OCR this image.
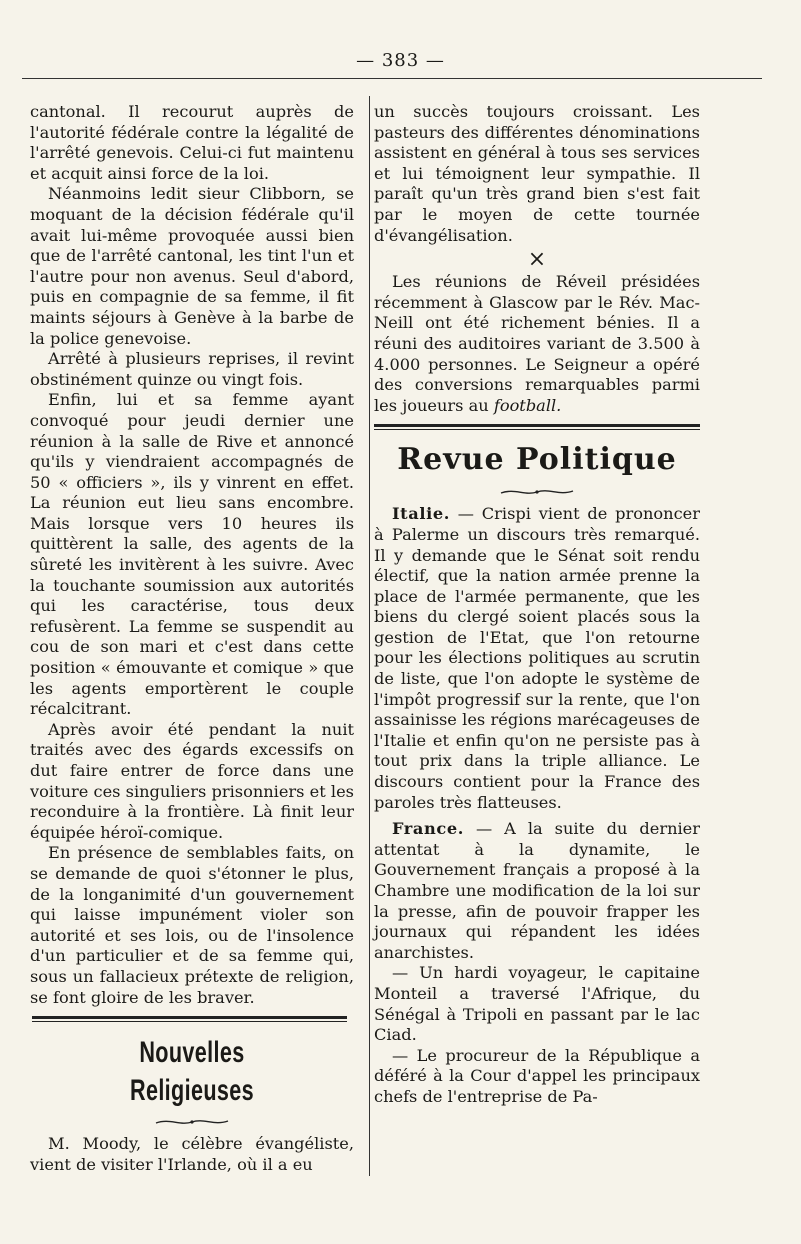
— 383 —

cantonal. Il recourut auprès de l'autorité fédérale contre la légalité de l'arrêté genevois. Celui-ci fut maintenu et acquit ainsi force de la loi.

Néanmoins ledit sieur Clibborn, se moquant de la décision fédérale qu'il avait lui-même provoquée aussi bien que de l'arrêté cantonal, les tint l'un et l'autre pour non avenus. Seul d'abord, puis en compagnie de sa femme, il fit maints séjours à Genève à la barbe de la police genevoise.

Arrêté à plusieurs reprises, il revint obstinément quinze ou vingt fois.

Enfin, lui et sa femme ayant convoqué pour jeudi dernier une réunion à la salle de Rive et annoncé qu'ils y viendraient accompagnés de 50 « officiers », ils y vinrent en effet. La réunion eut lieu sans encombre. Mais lorsque vers 10 heures ils quittèrent la salle, des agents de la sûreté les invitèrent à les suivre. Avec la touchante soumission aux autorités qui les caractérise, tous deux refusèrent. La femme se suspendit au cou de son mari et c'est dans cette position « émouvante et comique » que les agents emportèrent le couple récalcitrant.

Après avoir été pendant la nuit traités avec des égards excessifs on dut faire entrer de force dans une voiture ces singuliers prisonniers et les reconduire à la frontière. Là finit leur équipée héroï-comique.

En présence de semblables faits, on se demande de quoi s'étonner le plus, de la longanimité d'un gouvernement qui laisse impunément violer son autorité et ses lois, ou de l'insolence d'un particulier et de sa femme qui, sous un fallacieux prétexte de religion, se font gloire de les braver.

Nouvelles Religieuses

M. Moody, le célèbre évangéliste, vient de visiter l'Irlande, où il a eu

un succès toujours croissant. Les pasteurs des différentes dénominations assistent en général à tous ses services et lui témoignent leur sympathie. Il paraît qu'un très grand bien s'est fait par le moyen de cette tournée d'évangélisation.

×

Les réunions de Réveil présidées récemment à Glascow par le Rév. Mac-Neill ont été richement bénies. Il a réuni des auditoires variant de 3.500 à 4.000 personnes. Le Seigneur a opéré des conversions remarquables parmi les joueurs au football.

Revue Politique

Italie. — Crispi vient de prononcer à Palerme un discours très remarqué. Il y demande que le Sénat soit rendu électif, que la nation armée prenne la place de l'armée permanente, que les biens du clergé soient placés sous la gestion de l'Etat, que l'on retourne pour les élections politiques au scrutin de liste, que l'on adopte le système de l'impôt progressif sur la rente, que l'on assainisse les régions marécageuses de l'Italie et enfin qu'on ne persiste pas à tout prix dans la triple alliance. Le discours contient pour la France des paroles très flatteuses.

France. — A la suite du dernier attentat à la dynamite, le Gouvernement français a proposé à la Chambre une modification de la loi sur la presse, afin de pouvoir frapper les journaux qui répandent les idées anarchistes.

— Un hardi voyageur, le capitaine Monteil a traversé l'Afrique, du Sénégal à Tripoli en passant par le lac Ciad.

— Le procureur de la République a déféré à la Cour d'appel les principaux chefs de l'entreprise de Pa-
